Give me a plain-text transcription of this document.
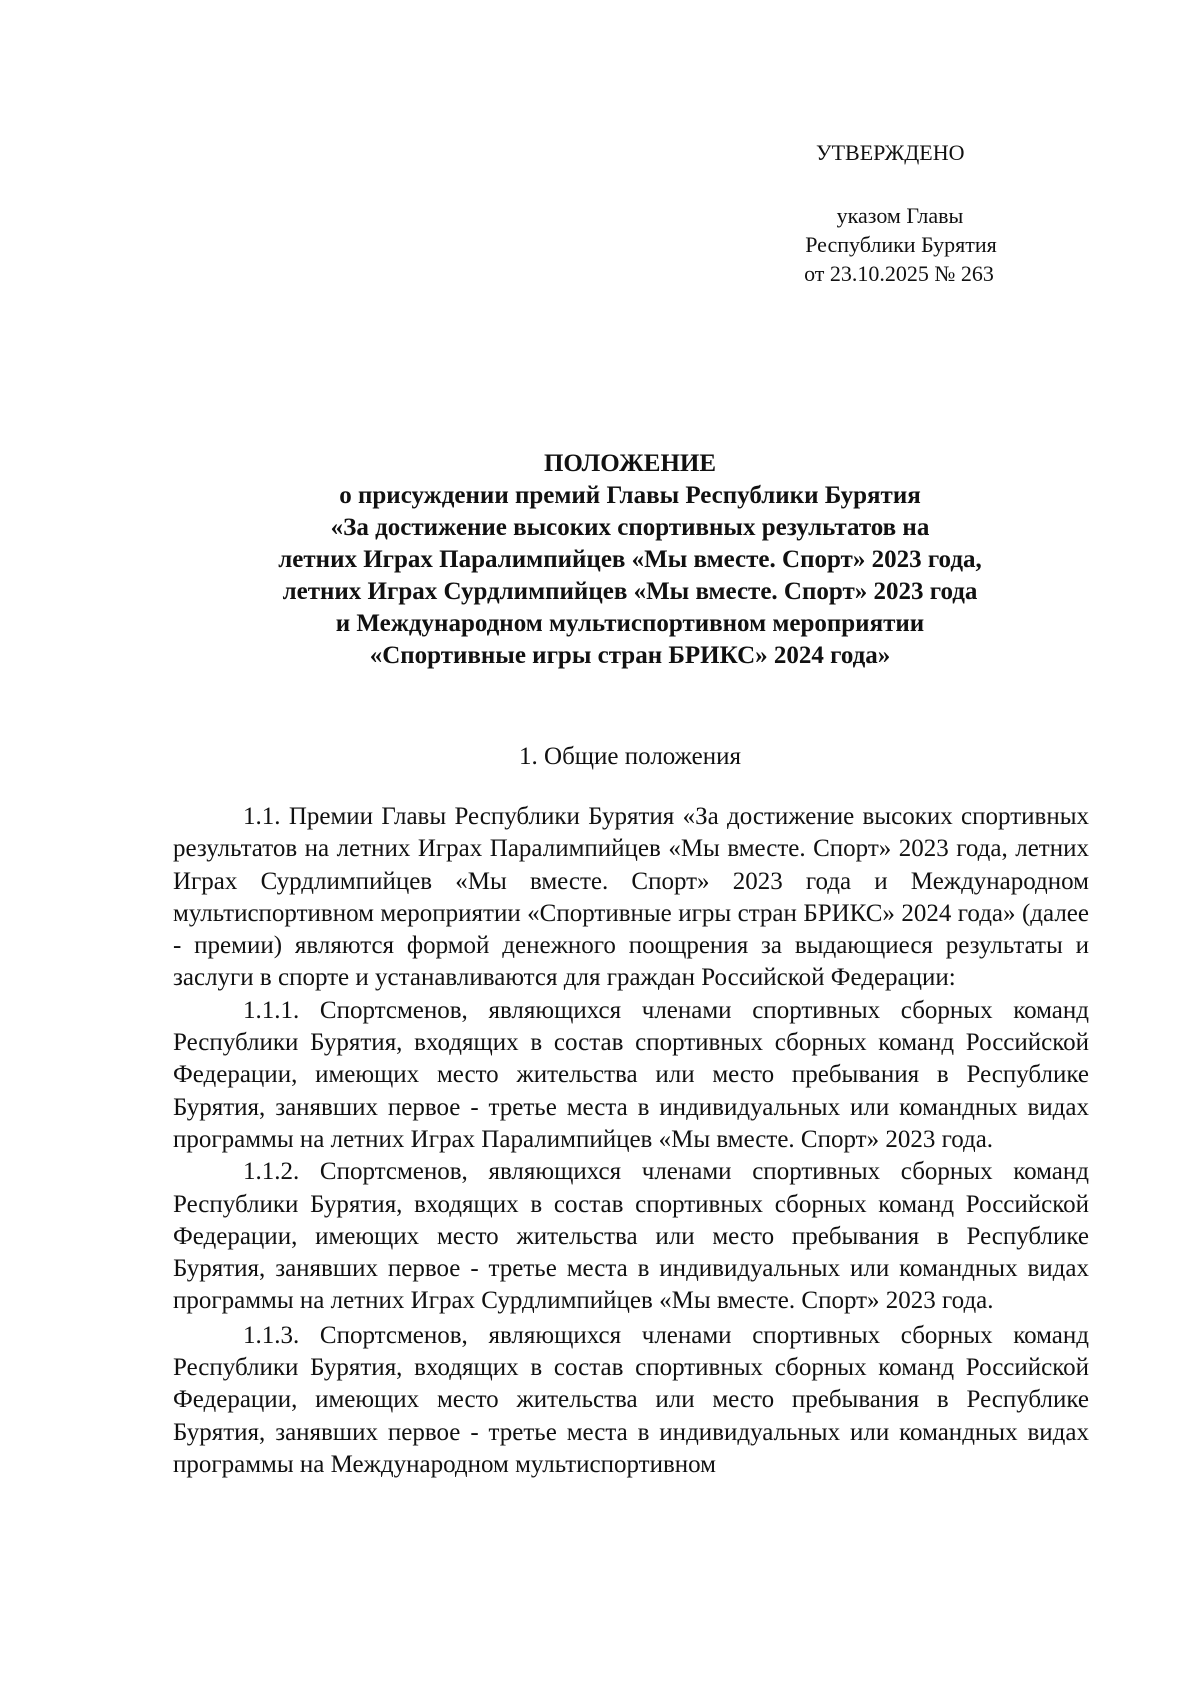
УТВЕРЖДЕНО
указом Главы
Республики Бурятия
от 23.10.2025 № 263
ПОЛОЖЕНИЕ
о присуждении премий Главы Республики Бурятия
«За достижение высоких спортивных результатов на
летних Играх Паралимпийцев «Мы вместе. Спорт» 2023 года,
летних Играх Сурдлимпийцев «Мы вместе. Спорт» 2023 года
и Международном мультиспортивном мероприятии
«Спортивные игры стран БРИКС» 2024 года»
1. Общие положения

1.1. Премии Главы Республики Бурятия «За достижение высоких спортивных результатов на летних Играх Паралимпийцев «Мы вместе. Спорт» 2023 года, летних Играх Сурдлимпийцев «Мы вместе. Спорт» 2023 года и Международном мультиспортивном мероприятии «Спортивные игры стран БРИКС» 2024 года» (далее - премии) являются формой денежного поощрения за выдающиеся результаты и заслуги в спорте и устанавливаются для граждан Российской Федерации:

1.1.1. Спортсменов, являющихся членами спортивных сборных команд Республики Бурятия, входящих в состав спортивных сборных команд Российской Федерации, имеющих место жительства или место пребывания в Республике Бурятия, занявших первое - третье места в индивидуальных или командных видах программы на летних Играх Паралимпийцев «Мы вместе. Спорт» 2023 года.

1.1.2. Спортсменов, являющихся членами спортивных сборных команд Республики Бурятия, входящих в состав спортивных сборных команд Российской Федерации, имеющих место жительства или место пребывания в Республике Бурятия, занявших первое - третье места в индивидуальных или командных видах программы на летних Играх Сурдлимпийцев «Мы вместе. Спорт» 2023 года.

1.1.3. Спортсменов, являющихся членами спортивных сборных команд Республики Бурятия, входящих в состав спортивных сборных команд Российской Федерации, имеющих место жительства или место пребывания в Республике Бурятия, занявших первое - третье места в индивидуальных или командных видах программы на Международном мультиспортивном
